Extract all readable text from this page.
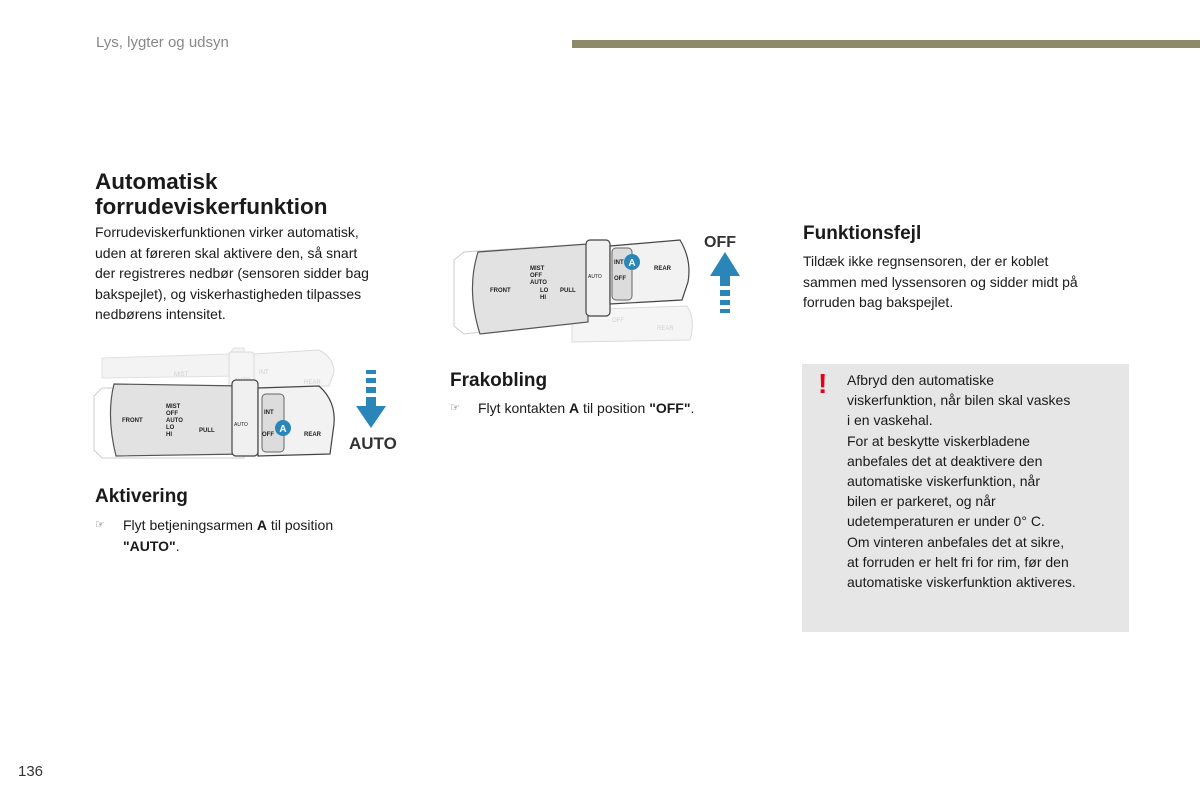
Lys, lygter og udsyn
Automatisk
forrudeviskerfunktion
Forrudeviskerfunktionen virker automatisk,
uden at føreren skal aktivere den, så snart
der registreres nedbør (sensoren sidder bag
bakspejlet), og viskerhastigheden tilpasses
nedbørens intensitet.
MIST	INT
REAR
MIST
OFF
AUTO
LO
HI
FRONT
PULL
AUTO
INT
OFF	REAR
A
AUTO
OFF
REAR
MIST
OFF
AUTO
LO
HI
FRONT	PULL
AUTO
INT
OFF
REAR
A
OFF
Aktivering
☞	Flyt betjeningsarmen A til position
"AUTO".
Frakobling
☞	Flyt kontakten A til position "OFF".
Funktionsfejl
Tildæk ikke regnsensoren, der er koblet
sammen med lyssensoren og sidder midt på
forruden bag bakspejlet.
! Afbryd den automatiske

viskerfunktion, når bilen skal vaskes

i en vaskehal.

For at beskytte viskerbladene

anbefales det at deaktivere den

automatiske viskerfunktion, når

bilen er parkeret, og når

udetemperaturen er under 0° C.

Om vinteren anbefales det at sikre,

at forruden er helt fri for rim, før den

automatiske viskerfunktion aktiveres.

136
